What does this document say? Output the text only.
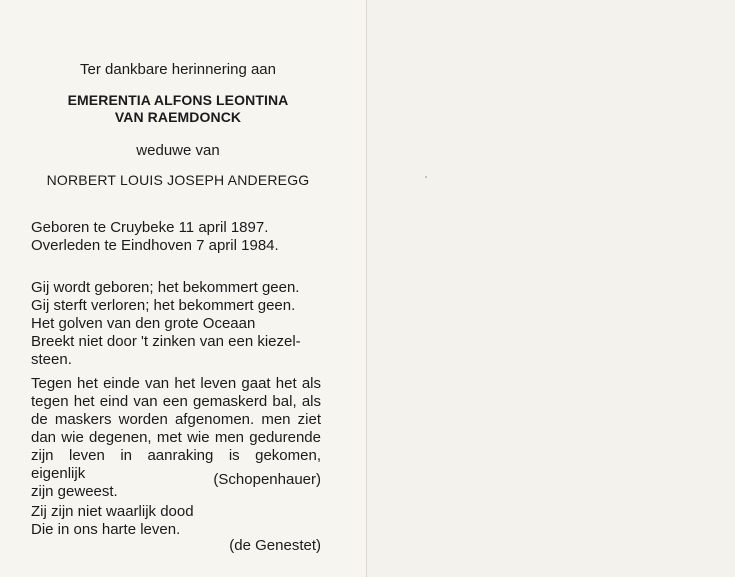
Ter dankbare herinnering aan
EMERENTIA ALFONS LEONTINA
VAN RAEMDONCK
weduwe van
NORBERT LOUIS JOSEPH ANDEREGG
Geboren te Cruybeke 11 april 1897.
Overleden te Eindhoven 7 april 1984.
Gij wordt geboren; het bekommert geen.
Gij sterft verloren; het bekommert geen.
Het golven van den grote Oceaan
Breekt niet door 't zinken van een kiezel-
steen.
Tegen het einde van het leven gaat het als
tegen het eind van een gemaskerd bal, als
de maskers worden afgenomen. men ziet
dan wie degenen, met wie men gedurende
zijn leven in aanraking is gekomen, eigenlijk
zijn geweest.
(Schopenhauer)
Zij zijn niet waarlijk dood
Die in ons harte leven.
(de Genestet)
